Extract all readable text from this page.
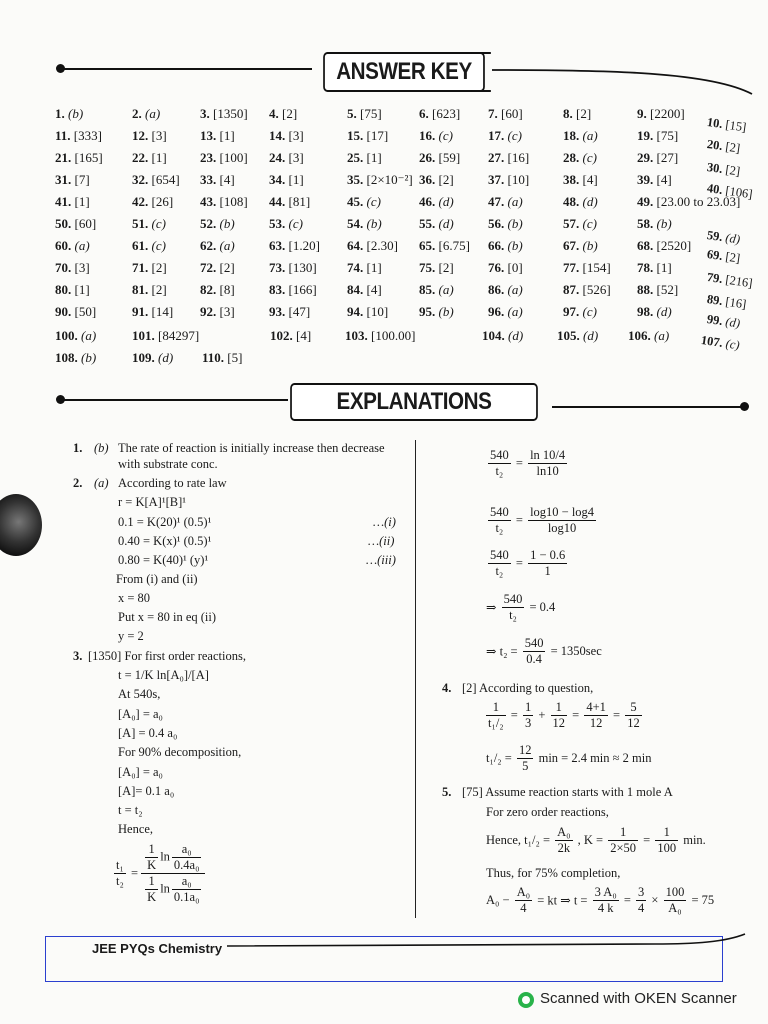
ANSWER KEY
1. (b)	2. (a)	3. [1350] 4. [2]	5. [75]	6. [623] 7. [60]	8. [2]	9. [2200]
11. [333] 12. [3]	13. [1]	14. [3]	15. [17] 16. (c)	17. (c)	18. (a)	19. [75]
21. [165] 22. [1]	23. [100] 24. [3]	25. [1]	26. [59] 27. [16]	28. (c)	29. [27]
31. [7]	32. [654] 33. [4]	34. [1]	35. [2×10⁻²] 36. [2]	37. [10]	38. [4]	39. [4]
41. [1]	42. [26] 43. [108] 44. [81]	45. (c)	46. (d)	47. (a)	48. (d)	49. [23.00 to 23.03]
50. [60]	51. (c)	52. (b)	53. (c)	54. (b)	55. (d)	56. (b)	57. (c)	58. (b)
60. (a)	61. (c)	62. (a)	63. [1.20] 64. [2.30] 65. [6.75] 66. (b)	67. (b)	68. [2520]
70. [3]	71. [2]	72. [2]	73. [130] 74. [1]	75. [2]	76. [0]	77. [154] 78. [1]
80. [1]	81. [2]	82. [8]	83. [166] 84. [4]	85. (a)	86. (a)	87. [526] 88. [52]
90. [50]	91. [14] 92. [3]	93. [47]	94. [10] 95. (b)	96. (a)	97. (c)	98. (d)
100. (a)	101. [84297]	102. [4]	103. [100.00]	104. (d)	105. (d) 106. (a)
108. (b)	109. (d) 110. [5]
10. [15]
20. [2]
30. [2]
40. [106]
59. (d)
69. [2]
79. [216]
89. [16]
99. (d)
107. (c)
EXPLANATIONS
1. (b) The rate of reaction is initially increase then decrease
with substrate conc.
2. (a) According to rate law
r = K[A]¹[B]¹
0.1 = K(20)¹ (0.5)¹	…(i)
0.40 = K(x)¹ (0.5)¹	…(ii)
0.80 = K(40)¹ (y)¹	…(iii)
From (i) and (ii)
x = 80
Put x = 80 in eq (ii)
y = 2
3. [1350] For first order reactions,
t = 1/K ln[A₀]/[A]
At 540s,
[A₀] = a₀
[A] = 0.4 a₀
For 90% decomposition,
[A₀] = a₀
[A]= 0.1 a₀
t = t₂
Hence,
$\frac{\text{t₁}}{\text{t₂}} = \frac{\frac{1}{K} \ln \frac{\text{a₀}}{\text{0.4a₀}}}{\frac{1}{K} \ln \frac{\text{a₀}}{\text{0.1a₀}}}$
$\frac{540}{\text{t₂}} = \frac{\ln 10/4}{\ln 10}$
$\frac{540}{\text{t₂}} = \frac{\log 10 - \log 4}{\log 10}$
$\frac{540}{\text{t₂}} = \frac{1 - 0.6}{1}$
⇒ $\frac{540}{\text{t₂}} = 0.4$
⇒ $t_2 = \frac{540}{0.4} = 1350\sec$
4. [2] According to question,
$\frac{1}{\text{t₁/₂}} = \frac{1}{3} + \frac{1}{12} = \frac{4+1}{12} = \frac{5}{12}$
$t_1/_2 = \frac{12}{5}$ min = 2.4 min ≈ 2 min
5. [75] Assume reaction starts with 1 mole A
For zero order reactions,
Hence, $t_1/_2 = \frac{\text{A₀}}{2k}$ , $K = \frac{1}{2\times 50} = \frac{1}{100} \min$.
Thus, for 75% completion,
$A_0 - \frac{\text{A₀}}{4}$ = kt ⇒ $t = \frac{\text{3 A₀}}{4 k} = \frac{3}{4} \times \frac{100}{\text{A₀}} = 75$
JEE PYQs Chemistry
Scanned with OKEN Scanner
